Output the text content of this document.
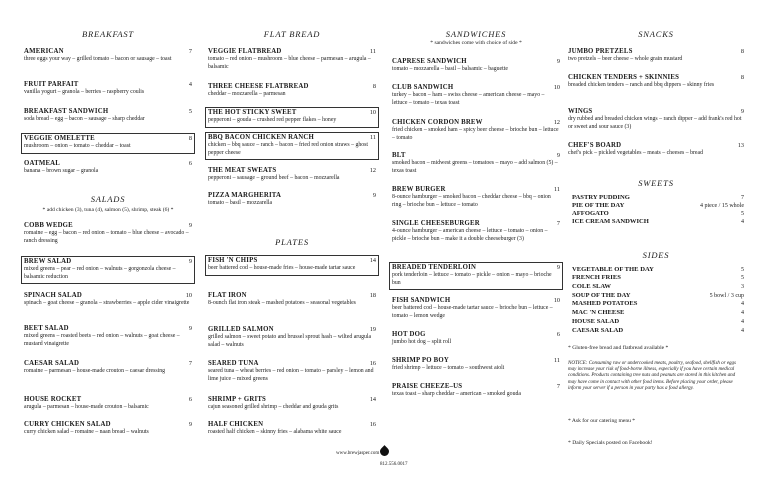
BREAKFAST
AMERICAN	7
three eggs your way – grilled tomato – bacon or sausage – toast
FRUIT PARFAIT	4
vanilla yogurt – granola – berries – raspberry coulis
BREAKFAST SANDWICH	5
soda bread – egg – bacon – sausage – sharp cheddar
VEGGIE OMELETTE	8
mushroom – onion – tomato – cheddar – toast
OATMEAL	6
banana – brown sugar – granola
SALADS
* add chicken (3), tuna (4), salmon (5), shrimp, steak (6) *
COBB WEDGE	9
romaine – egg – bacon – red onion – tomato – blue cheese – avocado – ranch dressing
BREW SALAD	9
mixed greens – pear – red onion – walnuts – gorgonzola cheese – balsamic reduction
SPINACH SALAD	10
spinach – goat cheese – granola – strawberries – apple cider vinaigrette
BEET SALAD	9
mixed greens – roasted beets – red onion – walnuts – goat cheese – mustard vinaigrette
CAESAR SALAD	7
romaine – parmesan – house-made crouton – caesar dressing
HOUSE ROCKET	6
arugula – parmesan – house-made crouton – balsamic
CURRY CHICKEN SALAD	9
curry chicken salad – romaine – naan bread – walnuts
FLAT BREAD
VEGGIE FLATBREAD	11
tomato – red onion – mushroom – blue cheese – parmesan – arugula – balsamic
THREE CHEESE FLATBREAD	8
cheddar – mozzarella – parmesan
THE HOT STICKY SWEET	10
pepperoni – gouda – crushed red pepper flakes – honey
BBQ BACON CHICKEN RANCH	11
chicken – bbq sauce – ranch – bacon – fried red onion straws – ghost pepper cheese
THE MEAT SWEATS	12
pepperoni – sausage – ground beef – bacon – mozzarella
PIZZA MARGHERITA	9
tomato – basil – mozzarella
PLATES
FISH 'N CHIPS	14
beer battered cod – house-made fries – house-made tartar sauce
FLAT IRON	18
8-ounch flat iron steak – mashed potatoes – seasonal vegetables
GRILLED SALMON	19
grilled salmon – sweet potato and brussel sprout hash – wilted arugula salad – walnuts
SEARED TUNA	16
seared tuna – wheat berries – red onion – tomato – parsley – lemon and lime juice – mixed greens
SHRIMP + GRITS	14
cajun seasoned grilled shrimp – cheddar and gouda grits
HALF CHICKEN	16
roasted half chicken – skinny fries – alabama white sauce
SANDWICHES
* sandwiches come with choice of side *
CAPRESE SANDWICH	9
tomato – mozzarella – basil – balsamic – baguette
CLUB SANDWICH	10
turkey – bacon – ham – swiss cheese – american cheese – mayo – lettuce – tomato – texas toast
CHICKEN CORDON BREW	12
fried chicken – smoked ham – spicy beer cheese – brioche bun – lettuce – tomato
BLT	9
smoked bacon – midwest greens – tomatoes – mayo – add salmon (5) – texas toast
BREW BURGER	11
8-ounce hamburger – smoked bacon – cheddar cheese – bbq – onion ring – brioche bun – lettuce – tomato
SINGLE CHEESEBURGER	7
4-ounce hamburger – american cheese – lettuce – tomato – onion – pickle – brioche bun – make it a double cheeseburger (3)
BREADED TENDERLOIN	9
pork tenderloin – lettuce – tomato – pickle – onion – mayo – brioche bun
FISH SANDWICH	10
beer battered cod – house-made tartar sauce – brioche bun – lettuce – tomato – lemon wedge
HOT DOG	6
jumbo hot dog – split roll
SHRIMP PO BOY	11
fried shrimp – lettuce – tomato – southwest aioli
PRAISE CHEEZE–US	7
texas toast – sharp cheddar – american – smoked gouda
SNACKS
JUMBO PRETZELS	8
two pretzels – beer cheese – whole grain mustard
CHICKEN TENDERS + SKINNIES	8
breaded chicken tenders – ranch and bbq dippers – skinny fries
WINGS	9
dry rubbed and breaded chicken wings – ranch dipper – add frank's red hot or sweet and sour sauce (3)
CHEF'S BOARD	13
chef's pick – pickled vegetables – meats – cheeses – bread
SWEETS
PASTRY PUDDING	7
PIE OF THE DAY	4 piece / 15 whole
AFFOGATO	5
ICE CREAM SANDWICH	4
SIDES
VEGETABLE OF THE DAY	5
FRENCH FRIES	5
COLE SLAW	3
SOUP OF THE DAY	5 bowl / 3 cup
MASHED POTATOES	4
MAC 'N CHEESE	4
HOUSE SALAD	4
CAESAR SALAD	4
* Gluten-free bread and flatbread available *
NOTICE: Consuming raw or undercooked meats, poultry, seafood, shellfish or eggs may increase your risk of food-borne illness, especially if you have certain medical conditions. Products containing tree nuts and peanuts are stored in this kitchen and may have come in contact with other food items. Before placing your order, please inform your server if a person in your party has a food allergy.
* Ask for our catering menu *
* Daily Specials posted on Facebook!
www.brewjasper.com
812.556.0017
